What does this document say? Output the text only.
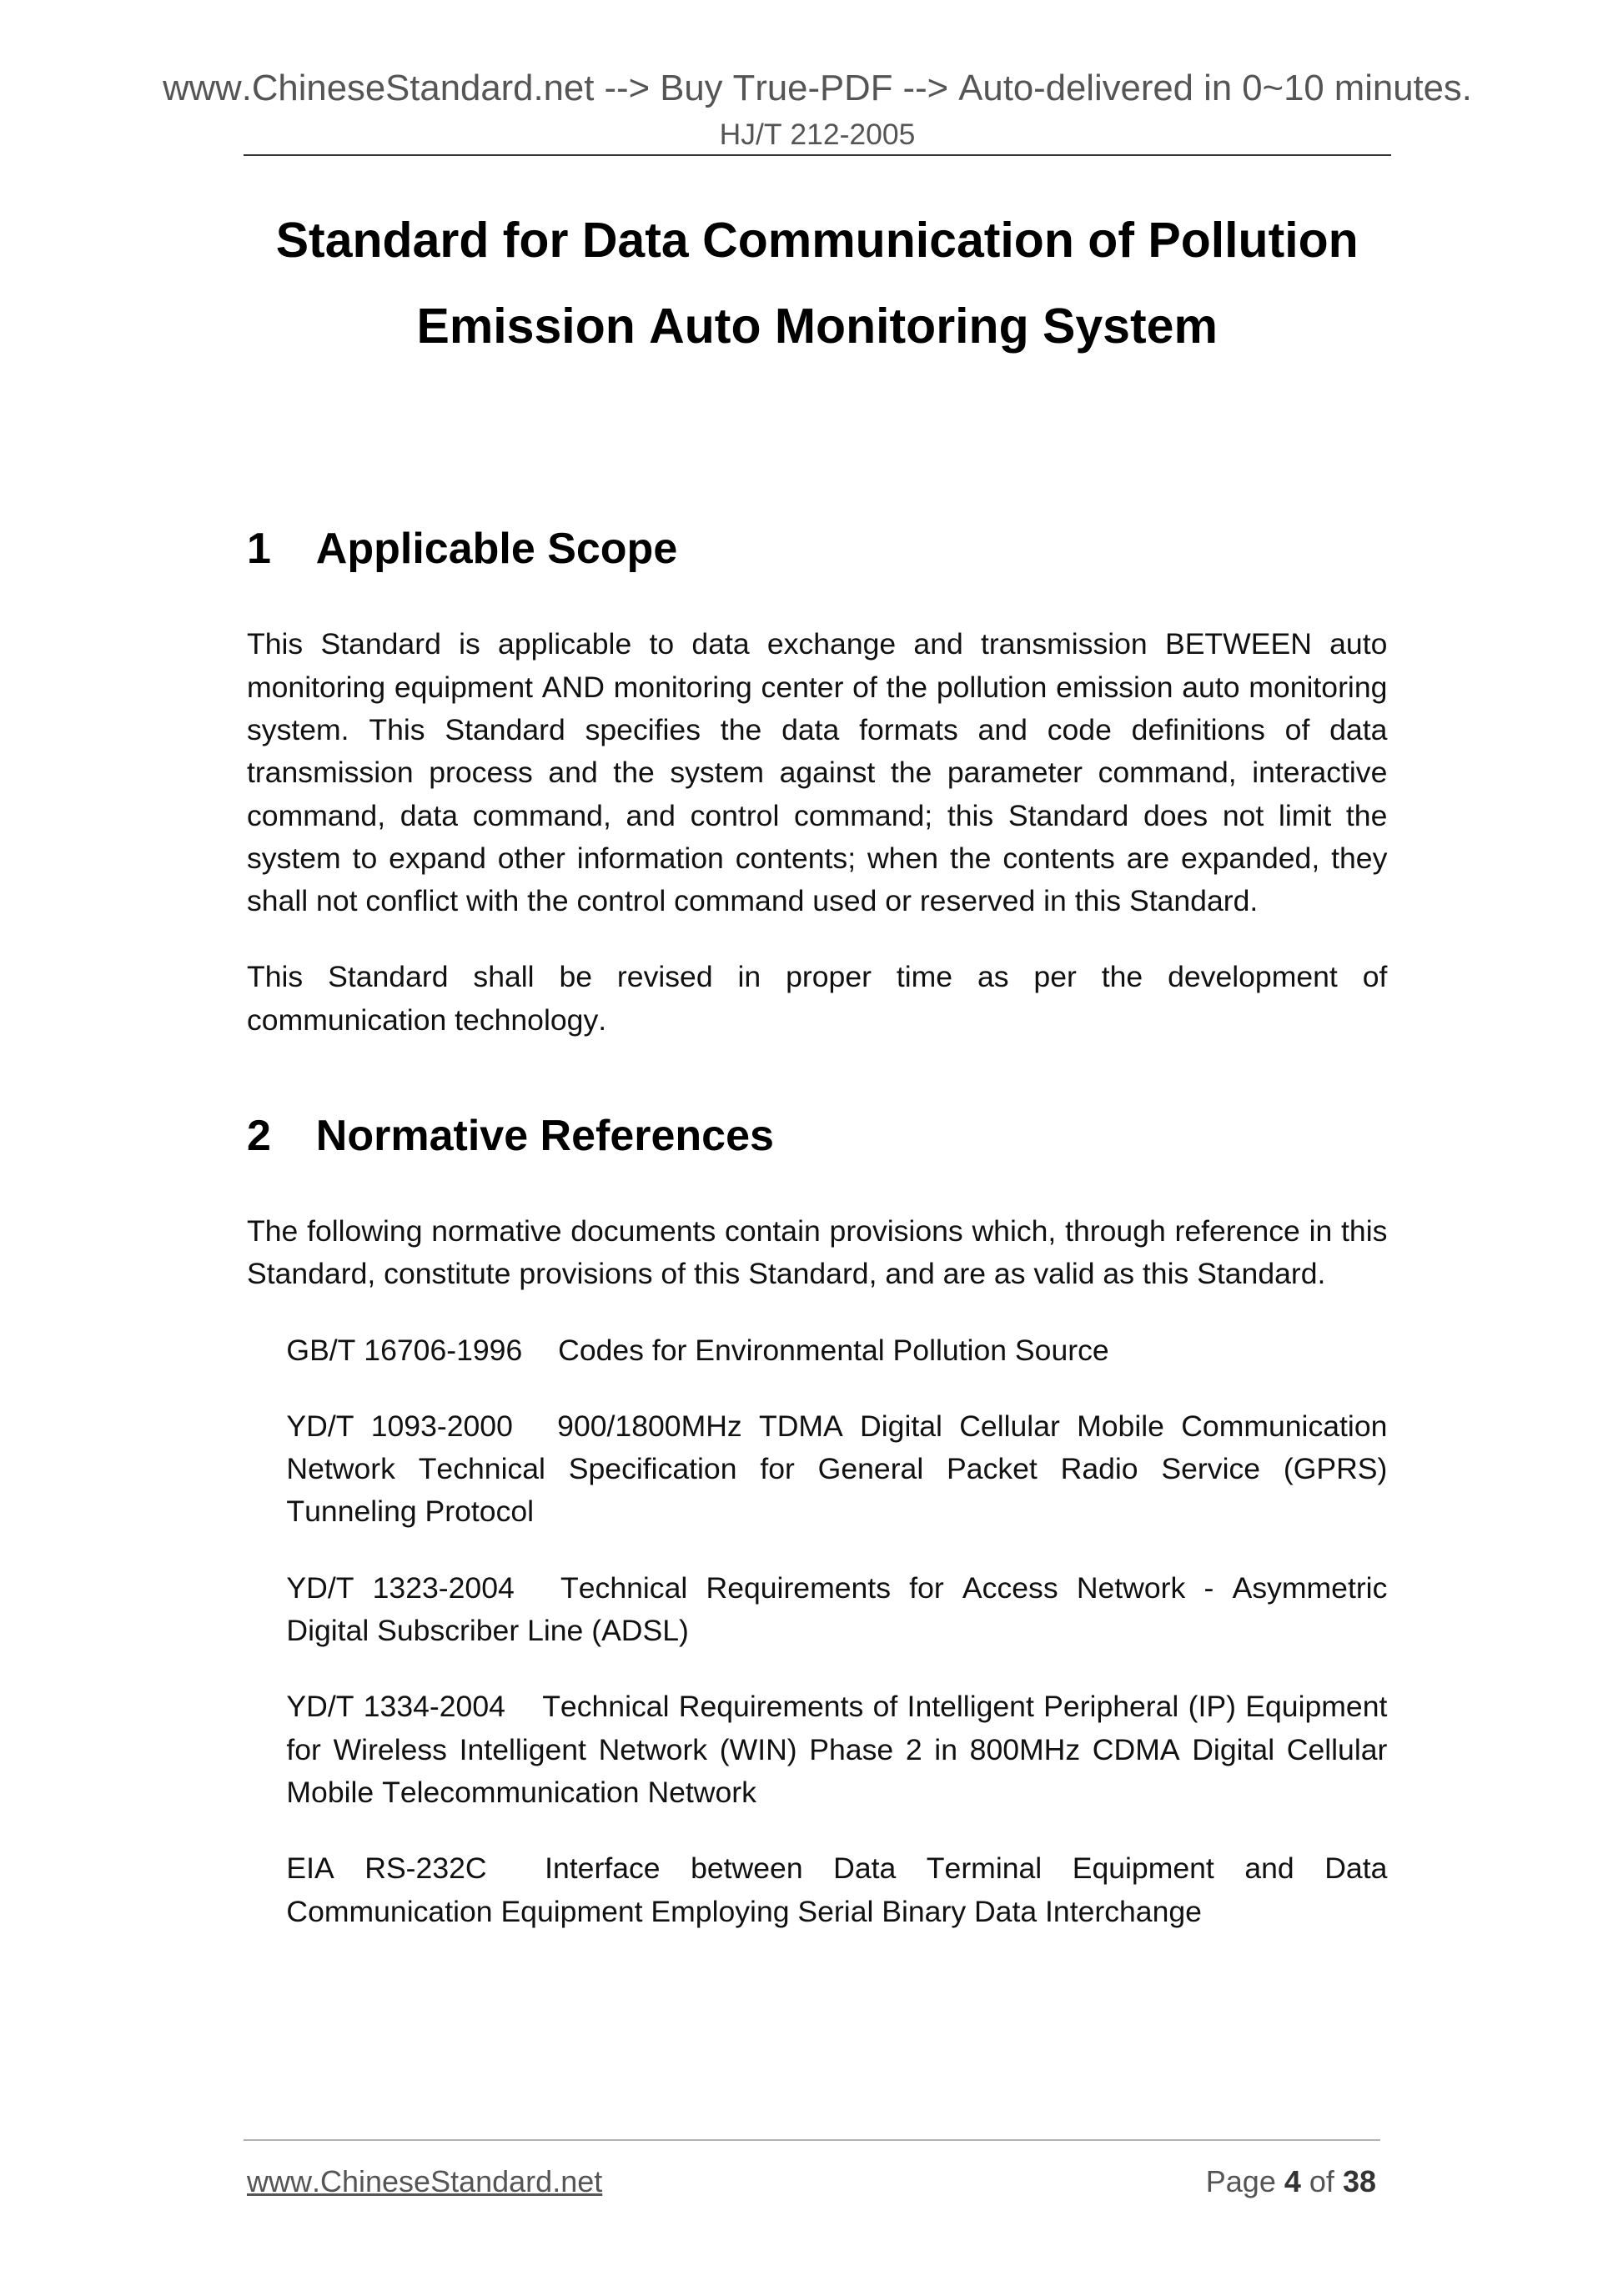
www.ChineseStandard.net --> Buy True-PDF --> Auto-delivered in 0~10 minutes.
HJ/T 212-2005
Standard for Data Communication of Pollution Emission Auto Monitoring System
1 Applicable Scope

This Standard is applicable to data exchange and transmission BETWEEN auto monitoring equipment AND monitoring center of the pollution emission auto monitoring system. This Standard specifies the data formats and code definitions of data transmission process and the system against the parameter command, interactive command, data command, and control command; this Standard does not limit the system to expand other information contents; when the contents are expanded, they shall not conflict with the control command used or reserved in this Standard.

This Standard shall be revised in proper time as per the development of communication technology.

2 Normative References

The following normative documents contain provisions which, through reference in this Standard, constitute provisions of this Standard, and are as valid as this Standard.

GB/T 16706-1996 Codes for Environmental Pollution Source

YD/T 1093-2000 900/1800MHz TDMA Digital Cellular Mobile Communication Network Technical Specification for General Packet Radio Service (GPRS) Tunneling Protocol

YD/T 1323-2004 Technical Requirements for Access Network - Asymmetric Digital Subscriber Line (ADSL)

YD/T 1334-2004 Technical Requirements of Intelligent Peripheral (IP) Equipment for Wireless Intelligent Network (WIN) Phase 2 in 800MHz CDMA Digital Cellular Mobile Telecommunication Network

EIA RS-232C Interface between Data Terminal Equipment and Data Communication Equipment Employing Serial Binary Data Interchange

www.ChineseStandard.net	Page 4 of 38
